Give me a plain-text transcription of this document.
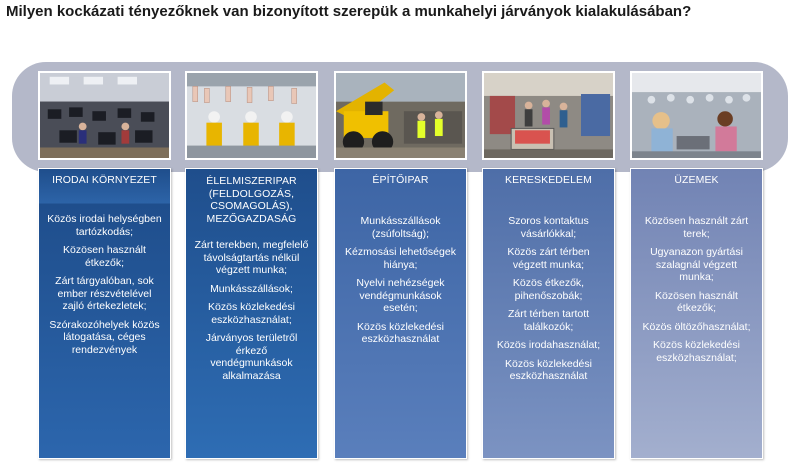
Milyen kockázati tényezőknek van bizonyított szerepük a munkahelyi járványok kialakulásában?
IRODAI KÖRNYEZET
Közös irodai helységben tartózkodás;
Közösen használt étkezők;
Zárt tárgyalóban, sok ember részvételével zajló értekezletek;
Szórakozóhelyek közös látogatása, céges rendezvények
ÉLELMISZERIPAR (FELDOLGOZÁS, CSOMAGOLÁS), MEZŐGAZDASÁG
Zárt terekben, megfelelő távolságtartás nélkül végzett munka;
Munkásszállások;
Közös közlekedési eszközhasználat;
Járványos területről érkező vendégmunkások alkalmazása
ÉPÍTŐIPAR
Munkásszállások (zsúfoltság);
Kézmosási lehetőségek hiánya;
Nyelvi nehézségek vendégmunkások esetén;
Közös közlekedési eszközhasználat
KERESKEDELEM
Szoros kontaktus vásárlókkal;
Közös zárt térben végzett munka;
Közös étkezők, pihenőszobák;
Zárt térben tartott találkozók;
Közös irodahasználat;
Közös közlekedési eszközhasználat
ÜZEMEK
Közösen használt zárt terek;
Ugyanazon gyártási szalagnál végzett munka;
Közösen használt étkezők;
Közös öltözőhasználat;
Közös közlekedési eszközhasználat;
